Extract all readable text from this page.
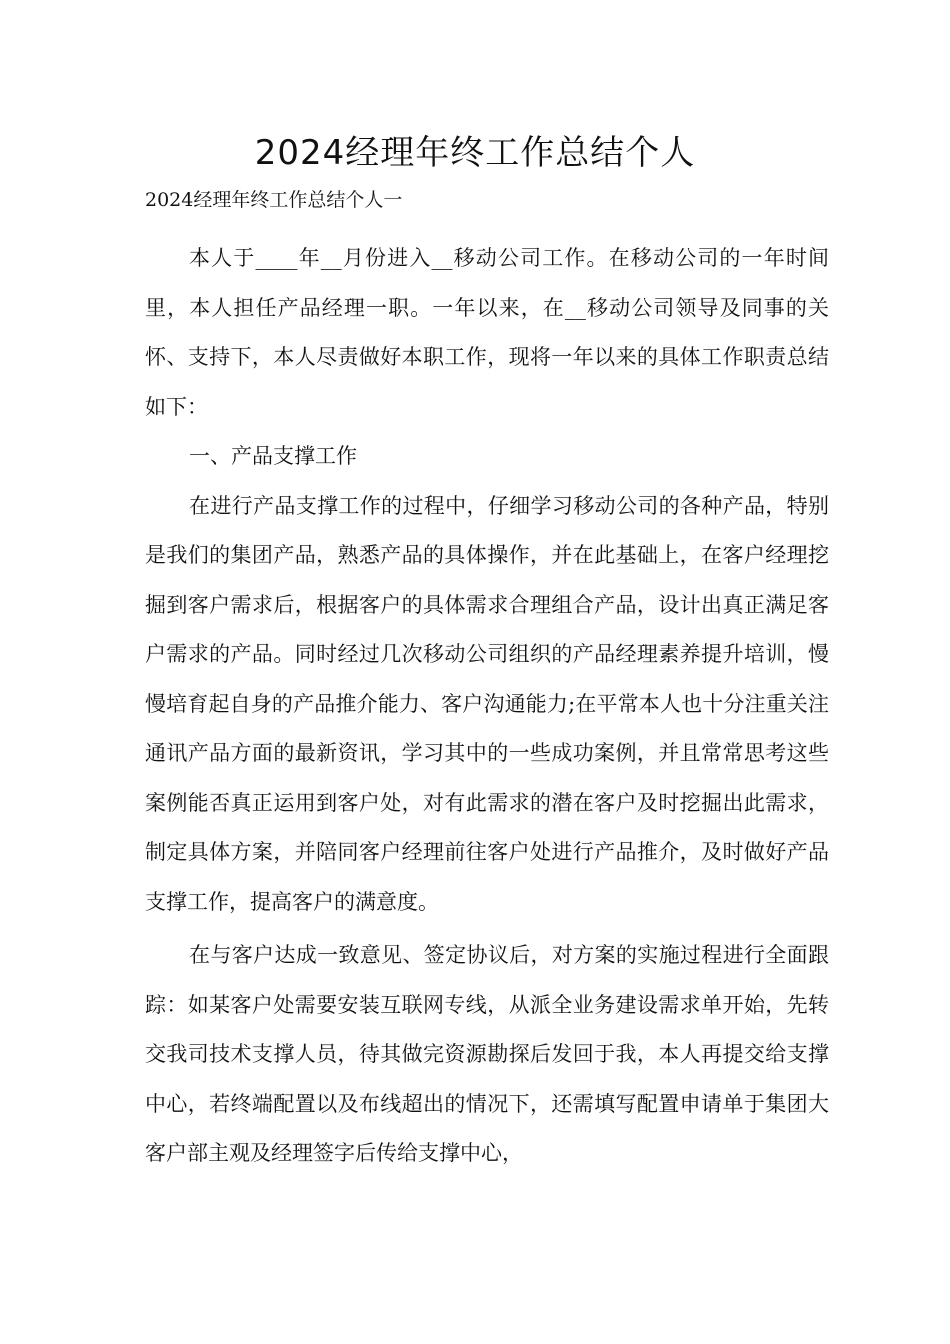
2024经理年终工作总结个人
2024经理年终工作总结个人一

本人于____年__月份进入__移动公司工作。在移动公司的一年时间里，本人担任产品经理一职。一年以来，在__移动公司领导及同事的关怀、支持下，本人尽责做好本职工作，现将一年以来的具体工作职责总结如下：

一、产品支撑工作

在进行产品支撑工作的过程中，仔细学习移动公司的各种产品，特别是我们的集团产品，熟悉产品的具体操作，并在此基础上，在客户经理挖掘到客户需求后，根据客户的具体需求合理组合产品，设计出真正满足客户需求的产品。同时经过几次移动公司组织的产品经理素养提升培训，慢慢培育起自身的产品推介能力、客户沟通能力;在平常本人也十分注重关注通讯产品方面的最新资讯，学习其中的一些成功案例，并且常常思考这些案例能否真正运用到客户处，对有此需求的潜在客户及时挖掘出此需求，制定具体方案，并陪同客户经理前往客户处进行产品推介，及时做好产品支撑工作，提高客户的满意度。

在与客户达成一致意见、签定协议后，对方案的实施过程进行全面跟踪：如某客户处需要安装互联网专线，从派全业务建设需求单开始，先转交我司技术支撑人员，待其做完资源勘探后发回于我，本人再提交给支撑中心，若终端配置以及布线超出的情况下，还需填写配置申请单于集团大客户部主观及经理签字后传给支撑中心，
